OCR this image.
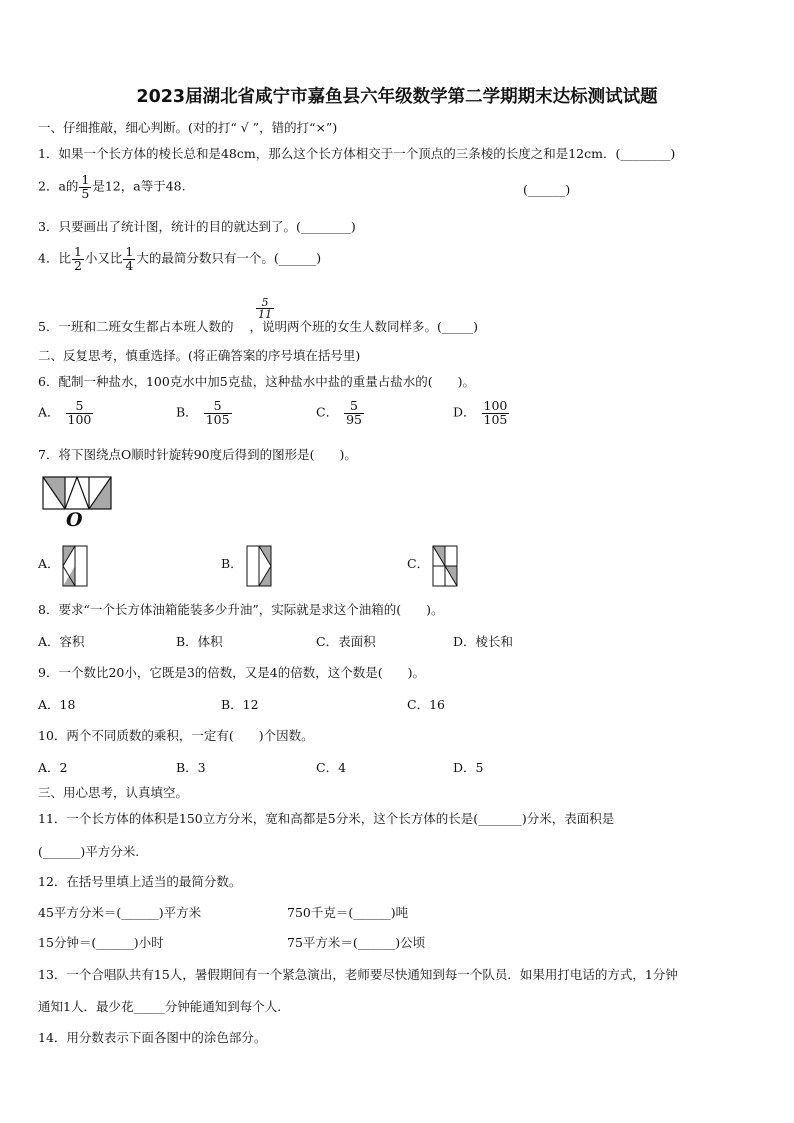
2023届湖北省咸宁市嘉鱼县六年级数学第二学期期末达标测试试题
一、仔细推敲，细心判断。(对的打“ √ ”，错的打“×”)
1．如果一个长方体的棱长总和是48cm，那么这个长方体相交于一个顶点的三条棱的长度之和是12cm．(________)
2．a的 $\frac{1}{5}$ 是12，a等于48.	(______)
3．只要画出了统计图，统计的目的就达到了。(________)
4．比 $\frac{1}{2}$ 小又比 $\frac{1}{4}$ 大的最简分数只有一个。(______)
$\frac{5}{11}$
5．一班和二班女生都占本班人数的 ，说明两个班的女生人数同样多。(_____)
二、反复思考，慎重选择。(将正确答案的序号填在括号里)
6．配制一种盐水，100克水中加5克盐，这种盐水中盐的重量占盐水的(　　)。
A． $\frac{5}{100}$	B． $\frac{5}{105}$	C． $\frac{5}{95}$	D． $\frac{100}{105}$
7．将下图绕点O顺时针旋转90度后得到的图形是(　　)。
O
A．	B．	C．
8．要求“一个长方体油箱能装多少升油”，实际就是求这个油箱的(　　)。
A．容积	B．体积	C．表面积	D．棱长和
9．一个数比20小，它既是3的倍数，又是4的倍数，这个数是(　　)。
A．18	B．12	C．16
10．两个不同质数的乘积，一定有(　　)个因数。
A．2	B．3	C．4	D．5
三、用心思考，认真填空。
11．一个长方体的体积是150立方分米，宽和高都是5分米，这个长方体的长是(_______)分米，表面积是
(______)平方分米.
12．在括号里填上适当的最简分数。
45平方分米＝(______)平方米	750千克＝(______)吨
15分钟＝(______)小时	75平方米＝(______)公顷
13．一个合唱队共有15人，暑假期间有一个紧急演出，老师要尽快通知到每一个队员．如果用打电话的方式，1分钟
通知1人．最少花_____分钟能通知到每个人.
14．用分数表示下面各图中的涂色部分。
